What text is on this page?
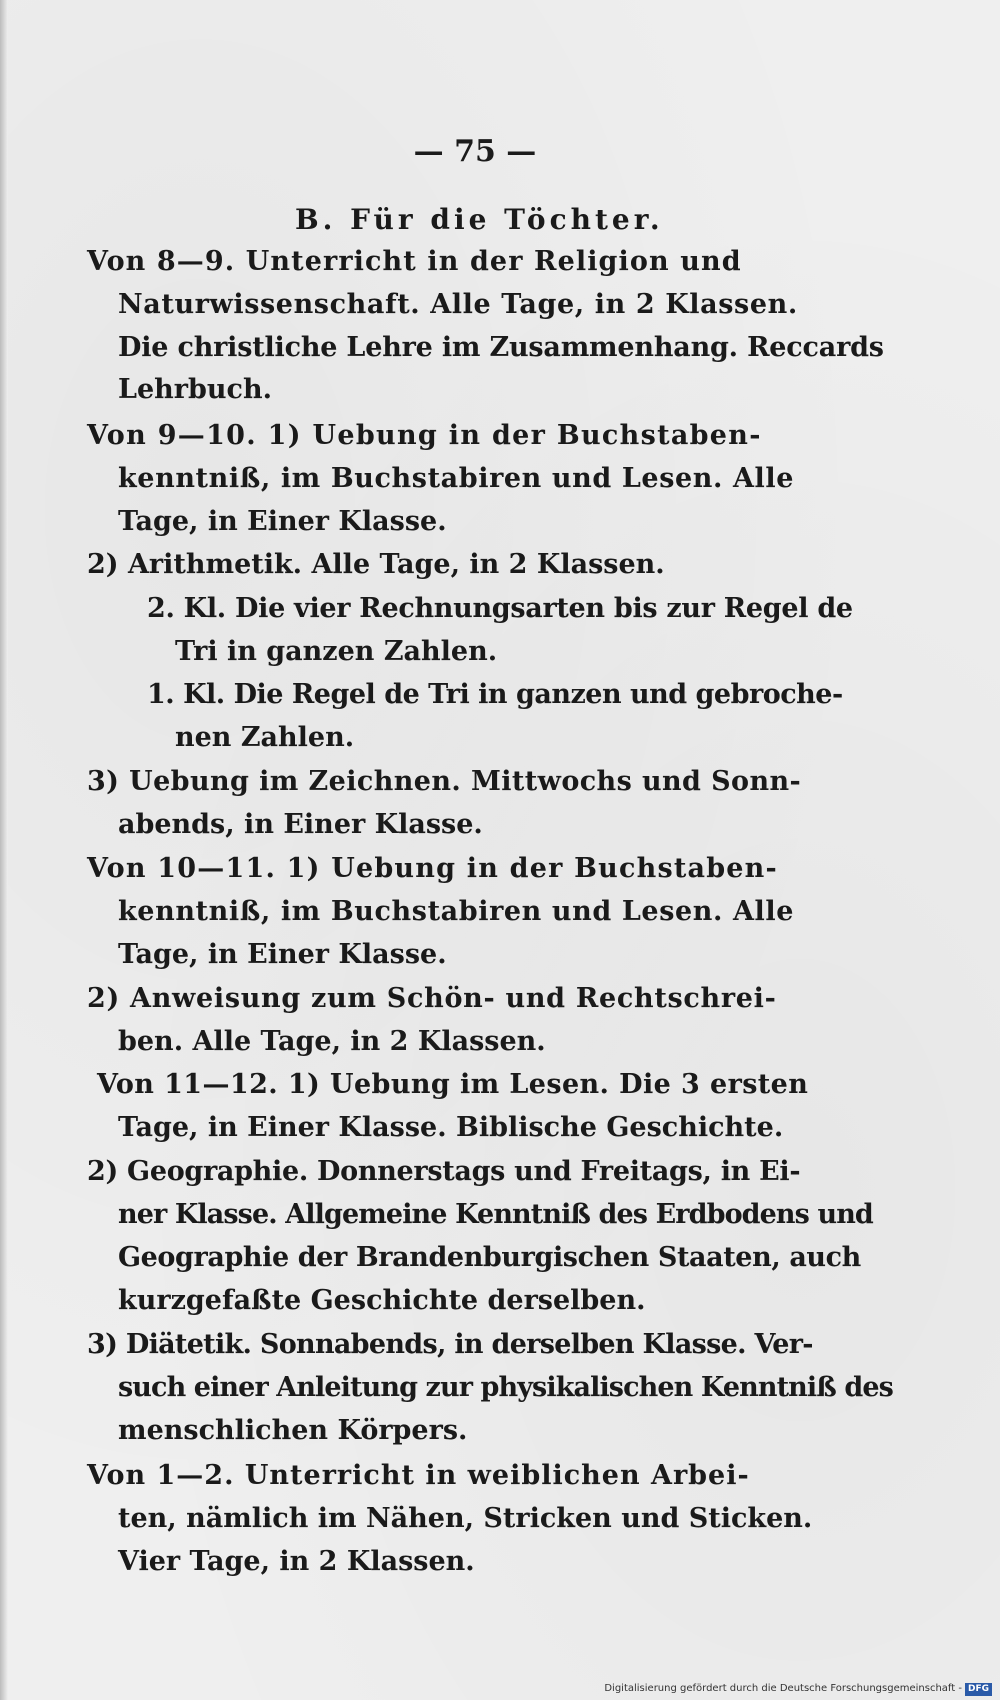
— 75 —
B. Für die Töchter.
Von 8—9. Unterricht in der Religion und
Naturwissenschaft. Alle Tage, in 2 Klassen.
Die christliche Lehre im Zusammenhang. Reccards
Lehrbuch.
Von 9—10. 1) Uebung in der Buchstaben-
kenntniß, im Buchstabiren und Lesen. Alle
Tage, in Einer Klasse.
2) Arithmetik. Alle Tage, in 2 Klassen.
2. Kl. Die vier Rechnungsarten bis zur Regel de
Tri in ganzen Zahlen.
1. Kl. Die Regel de Tri in ganzen und gebroche-
nen Zahlen.
3) Uebung im Zeichnen. Mittwochs und Sonn-
abends, in Einer Klasse.
Von 10—11. 1) Uebung in der Buchstaben-
kenntniß, im Buchstabiren und Lesen. Alle
Tage, in Einer Klasse.
2) Anweisung zum Schön- und Rechtschrei-
ben. Alle Tage, in 2 Klassen.
Von 11—12. 1) Uebung im Lesen. Die 3 ersten
Tage, in Einer Klasse. Biblische Geschichte.
2) Geographie. Donnerstags und Freitags, in Ei-
ner Klasse. Allgemeine Kenntniß des Erdbodens und
Geographie der Brandenburgischen Staaten, auch
kurzgefaßte Geschichte derselben.
3) Diätetik. Sonnabends, in derselben Klasse. Ver-
such einer Anleitung zur physikalischen Kenntniß des
menschlichen Körpers.
Von 1—2. Unterricht in weiblichen Arbei-
ten, nämlich im Nähen, Stricken und Sticken.
Vier Tage, in 2 Klassen.
Digitalisierung gefördert durch die Deutsche Forschungsgemeinschaft - DFG
